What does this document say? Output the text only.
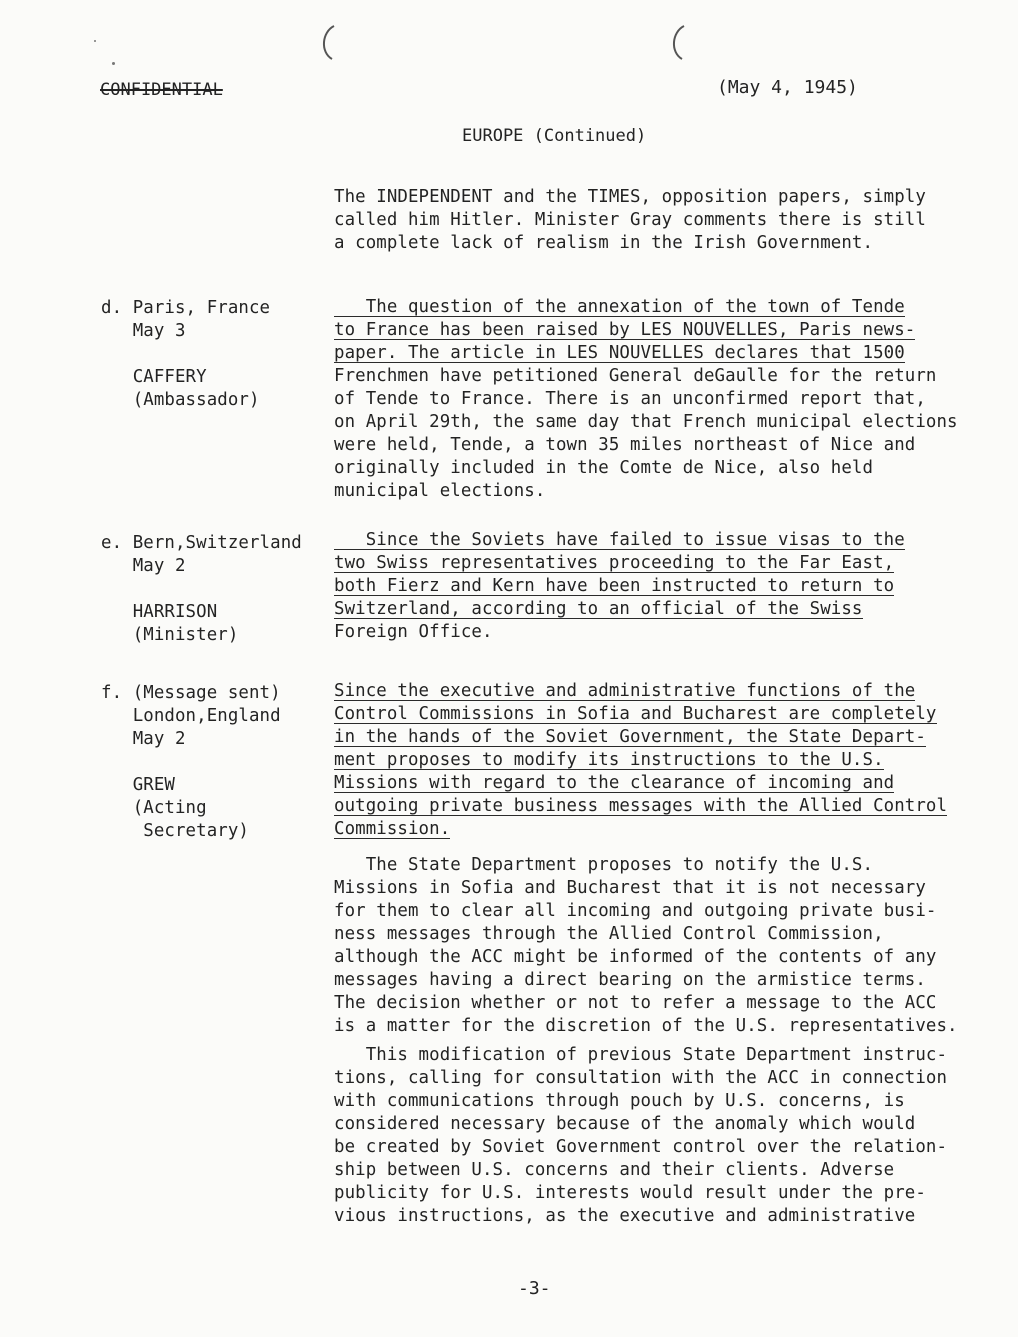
CONFIDENTIAL	(May 4, 1945)
EUROPE (Continued)
The INDEPENDENT and the TIMES, opposition papers, simply
called him Hitler. Minister Gray comments there is still
a complete lack of realism in the Irish Government.
d. Paris, France
May 3
CAFFERY
(Ambassador)
The question of the annexation of the town of Tende
to France has been raised by LES NOUVELLES, Paris news-
paper. The article in LES NOUVELLES declares that 1500
Frenchmen have petitioned General deGaulle for the return
of Tende to France. There is an unconfirmed report that,
on April 29th, the same day that French municipal elections
were held, Tende, a town 35 miles northeast of Nice and
originally included in the Comte de Nice, also held
municipal elections.
e. Bern,Switzerland
May 2
HARRISON
(Minister)
Since the Soviets have failed to issue visas to the
two Swiss representatives proceeding to the Far East,
both Fierz and Kern have been instructed to return to
Switzerland, according to an official of the Swiss
Foreign Office.
f. (Message sent)
London,England
May 2
GREW
(Acting
Secretary)
Since the executive and administrative functions of the
Control Commissions in Sofia and Bucharest are completely
in the hands of the Soviet Government, the State Depart-
ment proposes to modify its instructions to the U.S.
Missions with regard to the clearance of incoming and
outgoing private business messages with the Allied Control
Commission.
The State Department proposes to notify the U.S.
Missions in Sofia and Bucharest that it is not necessary
for them to clear all incoming and outgoing private busi-
ness messages through the Allied Control Commission,
although the ACC might be informed of the contents of any
messages having a direct bearing on the armistice terms.
The decision whether or not to refer a message to the ACC
is a matter for the discretion of the U.S. representatives.
This modification of previous State Department instruc-
tions, calling for consultation with the ACC in connection
with communications through pouch by U.S. concerns, is
considered necessary because of the anomaly which would
be created by Soviet Government control over the relation-
ship between U.S. concerns and their clients. Adverse
publicity for U.S. interests would result under the pre-
vious instructions, as the executive and administrative
-3-
